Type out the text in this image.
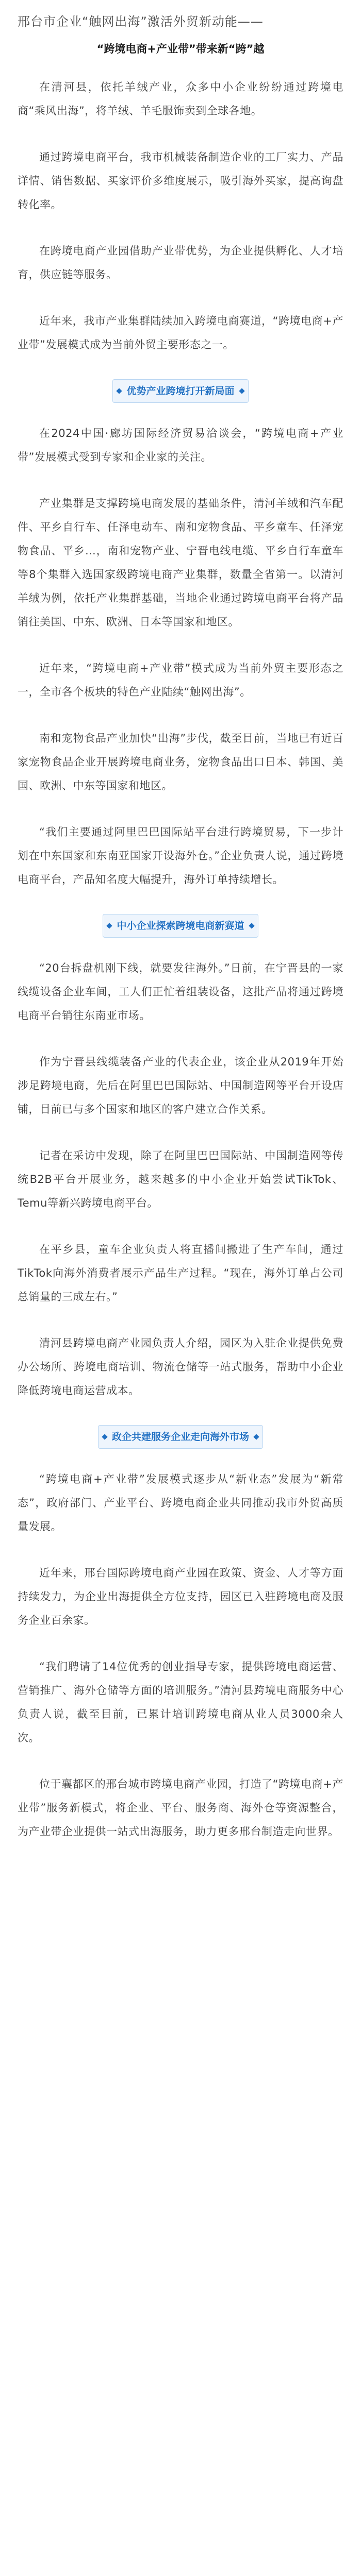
邢台市企业“触网出海”激活外贸新动能——
“跨境电商+产业带”带来新“跨”越

在清河县，依托羊绒产业，众多中小企业纷纷通过跨境电商“乘风出海”，将羊绒、羊毛服饰卖到全球各地。

通过跨境电商平台，我市机械装备制造企业的工厂实力、产品详情、销售数据、买家评价多维度展示，吸引海外买家，提高询盘转化率。

在跨境电商产业园借助产业带优势，为企业提供孵化、人才培育，供应链等服务。

近年来，我市产业集群陆续加入跨境电商赛道，“跨境电商+产业带”发展模式成为当前外贸主要形态之一。

优势产业跨境打开新局面

在2024中国·廊坊国际经济贸易洽谈会，“跨境电商+产业带”发展模式受到专家和企业家的关注。

产业集群是支撑跨境电商发展的基础条件，清河羊绒和汽车配件、平乡自行车、任泽电动车、南和宠物食品、平乡童车、任泽宠物食品、平乡…，南和宠物产业、宁晋电线电缆、平乡自行车童车等8个集群入选国家级跨境电商产业集群，数量全省第一。以清河羊绒为例，依托产业集群基础，当地企业通过跨境电商平台将产品销往美国、中东、欧洲、日本等国家和地区。

近年来，“跨境电商+产业带”模式成为当前外贸主要形态之一，全市各个板块的特色产业陆续“触网出海”。

南和宠物食品产业加快“出海”步伐，截至目前，当地已有近百家宠物食品企业开展跨境电商业务，宠物食品出口日本、韩国、美国、欧洲、中东等国家和地区。

“我们主要通过阿里巴巴国际站平台进行跨境贸易，下一步计划在中东国家和东南亚国家开设海外仓。”企业负责人说，通过跨境电商平台，产品知名度大幅提升，海外订单持续增长。

中小企业探索跨境电商新赛道

“20台拆盘机刚下线，就要发往海外。”日前，在宁晋县的一家线缆设备企业车间，工人们正忙着组装设备，这批产品将通过跨境电商平台销往东南亚市场。

作为宁晋县线缆装备产业的代表企业，该企业从2019年开始涉足跨境电商，先后在阿里巴巴国际站、中国制造网等平台开设店铺，目前已与多个国家和地区的客户建立合作关系。

记者在采访中发现，除了在阿里巴巴国际站、中国制造网等传统B2B平台开展业务，越来越多的中小企业开始尝试TikTok、Temu等新兴跨境电商平台。

在平乡县，童车企业负责人将直播间搬进了生产车间，通过TikTok向海外消费者展示产品生产过程。“现在，海外订单占公司总销量的三成左右。”

清河县跨境电商产业园负责人介绍，园区为入驻企业提供免费办公场所、跨境电商培训、物流仓储等一站式服务，帮助中小企业降低跨境电商运营成本。

政企共建服务企业走向海外市场

“跨境电商+产业带”发展模式逐步从“新业态”发展为“新常态”，政府部门、产业平台、跨境电商企业共同推动我市外贸高质量发展。

近年来，邢台国际跨境电商产业园在政策、资金、人才等方面持续发力，为企业出海提供全方位支持，园区已入驻跨境电商及服务企业百余家。

“我们聘请了14位优秀的创业指导专家，提供跨境电商运营、营销推广、海外仓储等方面的培训服务。”清河县跨境电商服务中心负责人说，截至目前，已累计培训跨境电商从业人员3000余人次。

位于襄都区的邢台城市跨境电商产业园，打造了“跨境电商+产业带”服务新模式，将企业、平台、服务商、海外仓等资源整合，为产业带企业提供一站式出海服务，助力更多邢台制造走向世界。
